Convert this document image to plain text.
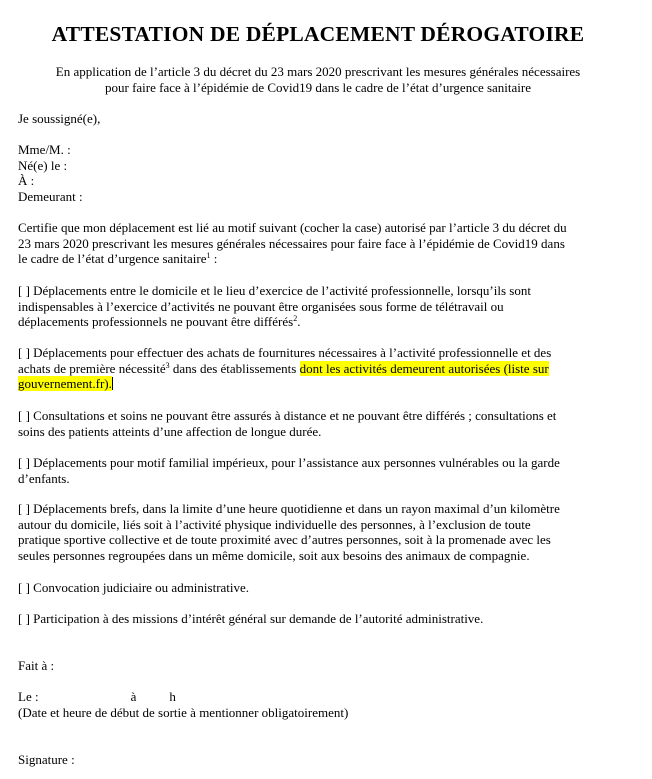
ATTESTATION DE DÉPLACEMENT DÉROGATOIRE
En application de l’article 3 du décret du 23 mars 2020 prescrivant les mesures générales nécessaires
pour faire face à l’épidémie de Covid19 dans le cadre de l’état d’urgence sanitaire
Je soussigné(e),
Mme/M. :
Né(e) le :
À :
Demeurant :
Certifie que mon déplacement est lié au motif suivant (cocher la case) autorisé par l’article 3 du décret du
23 mars 2020 prescrivant les mesures générales nécessaires pour faire face à l’épidémie de Covid19 dans
le cadre de l’état d’urgence sanitaire$^1$ :
[ ] Déplacements entre le domicile et le lieu d’exercice de l’activité professionnelle, lorsqu’ils sont
indispensables à l’exercice d’activités ne pouvant être organisées sous forme de télétravail ou
déplacements professionnels ne pouvant être différés$^2$.
[ ] Déplacements pour effectuer des achats de fournitures nécessaires à l’activité professionnelle et des
achats de première nécessité$^3$ dans des établissements dont les activités demeurent autorisées (liste sur
gouvernement.fr).
[ ] Consultations et soins ne pouvant être assurés à distance et ne pouvant être différés ; consultations et
soins des patients atteints d’une affection de longue durée.
[ ] Déplacements pour motif familial impérieux, pour l’assistance aux personnes vulnérables ou la garde
d’enfants.
[ ] Déplacements brefs, dans la limite d’une heure quotidienne et dans un rayon maximal d’un kilomètre
autour du domicile, liés soit à l’activité physique individuelle des personnes, à l’exclusion de toute
pratique sportive collective et de toute proximité avec d’autres personnes, soit à la promenade avec les
seules personnes regroupées dans un même domicile, soit aux besoins des animaux de compagnie.
[ ] Convocation judiciaire ou administrative.
[ ] Participation à des missions d’intérêt général sur demande de l’autorité administrative.
Fait à :
Le :	à	h
(Date et heure de début de sortie à mentionner obligatoirement)
Signature :
